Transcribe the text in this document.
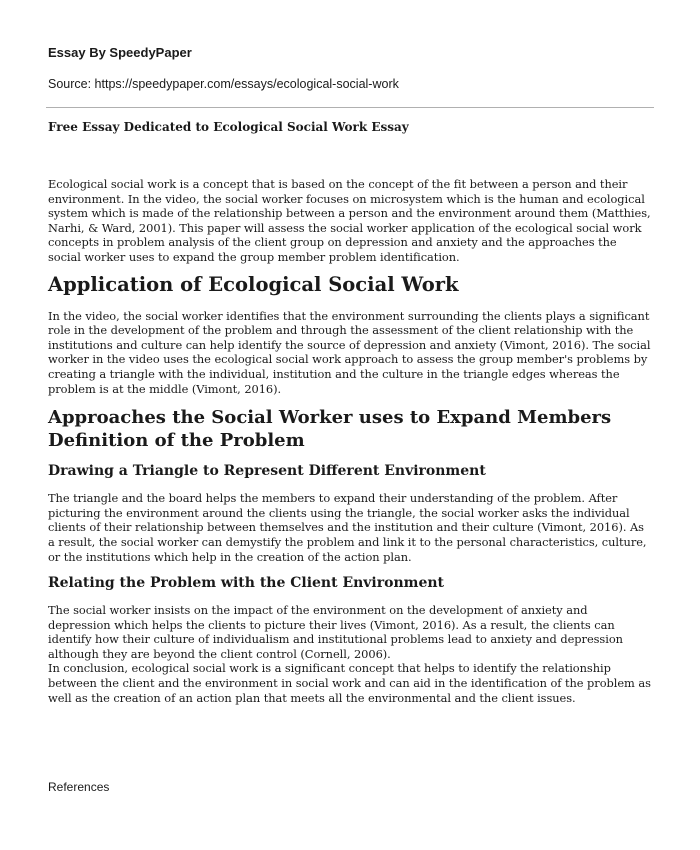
Essay By SpeedyPaper
Source: https://speedypaper.com/essays/ecological-social-work
Free Essay Dedicated to Ecological Social Work Essay

Ecological social work is a concept that is based on the concept of the fit between a person and their environment. In the video, the social worker focuses on microsystem which is the human and ecological system which is made of the relationship between a person and the environment around them (Matthies, Narhi, & Ward, 2001). This paper will assess the social worker application of the ecological social work concepts in problem analysis of the client group on depression and anxiety and the approaches the social worker uses to expand the group member problem identification.

Application of Ecological Social Work

In the video, the social worker identifies that the environment surrounding the clients plays a significant role in the development of the problem and through the assessment of the client relationship with the institutions and culture can help identify the source of depression and anxiety (Vimont, 2016). The social worker in the video uses the ecological social work approach to assess the group member's problems by creating a triangle with the individual, institution and the culture in the triangle edges whereas the problem is at the middle (Vimont, 2016).

Approaches the Social Worker uses to Expand Members Definition of the Problem
Drawing a Triangle to Represent Different Environment

The triangle and the board helps the members to expand their understanding of the problem. After picturing the environment around the clients using the triangle, the social worker asks the individual clients of their relationship between themselves and the institution and their culture (Vimont, 2016). As a result, the social worker can demystify the problem and link it to the personal characteristics, culture, or the institutions which help in the creation of the action plan.

Relating the Problem with the Client Environment

The social worker insists on the impact of the environment on the development of anxiety and depression which helps the clients to picture their lives (Vimont, 2016). As a result, the clients can identify how their culture of individualism and institutional problems lead to anxiety and depression although they are beyond the client control (Cornell, 2006).

In conclusion, ecological social work is a significant concept that helps to identify the relationship between the client and the environment in social work and can aid in the identification of the problem as well as the creation of an action plan that meets all the environmental and the client issues.

References
